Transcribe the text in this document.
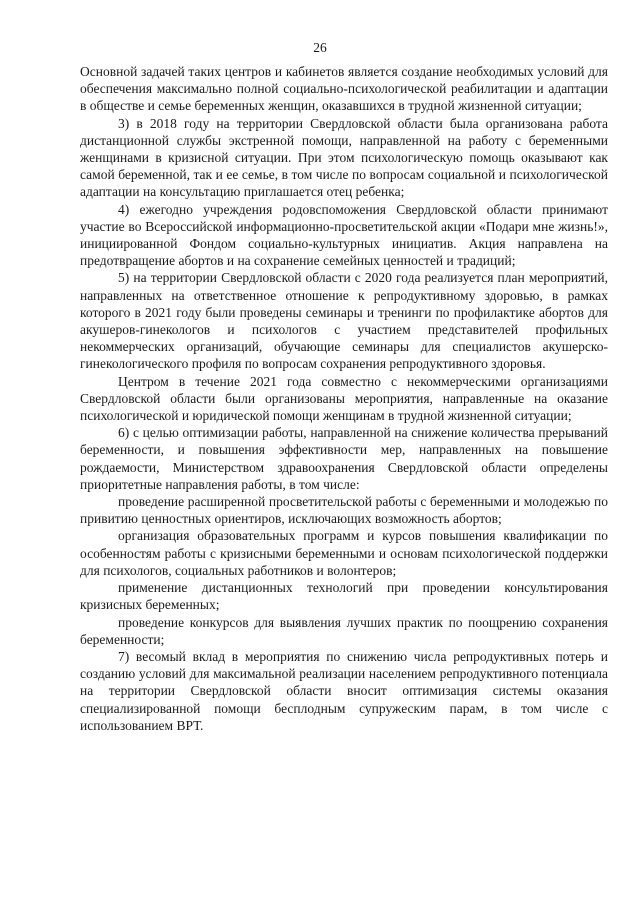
26

Основной задачей таких центров и кабинетов является создание необходимых условий для обеспечения максимально полной социально-психологической реабилитации и адаптации в обществе и семье беременных женщин, оказавшихся в трудной жизненной ситуации;

3) в 2018 году на территории Свердловской области была организована работа дистанционной службы экстренной помощи, направленной на работу с беременными женщинами в кризисной ситуации. При этом психологическую помощь оказывают как самой беременной, так и ее семье, в том числе по вопросам социальной и психологической адаптации на консультацию приглашается отец ребенка;

4) ежегодно учреждения родовспоможения Свердловской области принимают участие во Всероссийской информационно-просветительской акции «Подари мне жизнь!», инициированной Фондом социально-культурных инициатив. Акция направлена на предотвращение абортов и на сохранение семейных ценностей и традиций;

5) на территории Свердловской области с 2020 года реализуется план мероприятий, направленных на ответственное отношение к репродуктивному здоровью, в рамках которого в 2021 году были проведены семинары и тренинги по профилактике абортов для акушеров-гинекологов и психологов с участием представителей профильных некоммерческих организаций, обучающие семинары для специалистов акушерско-гинекологического профиля по вопросам сохранения репродуктивного здоровья.

Центром в течение 2021 года совместно с некоммерческими организациями Свердловской области были организованы мероприятия, направленные на оказание психологической и юридической помощи женщинам в трудной жизненной ситуации;

6) с целью оптимизации работы, направленной на снижение количества прерываний беременности, и повышения эффективности мер, направленных на повышение рождаемости, Министерством здравоохранения Свердловской области определены приоритетные направления работы, в том числе:

проведение расширенной просветительской работы с беременными и молодежью по привитию ценностных ориентиров, исключающих возможность абортов;

организация образовательных программ и курсов повышения квалификации по особенностям работы с кризисными беременными и основам психологической поддержки для психологов, социальных работников и волонтеров;

применение дистанционных технологий при проведении консультирования кризисных беременных;

проведение конкурсов для выявления лучших практик по поощрению сохранения беременности;

7) весомый вклад в мероприятия по снижению числа репродуктивных потерь и созданию условий для максимальной реализации населением репродуктивного потенциала на территории Свердловской области вносит оптимизация системы оказания специализированной помощи бесплодным супружеским парам, в том числе с использованием ВРТ.
